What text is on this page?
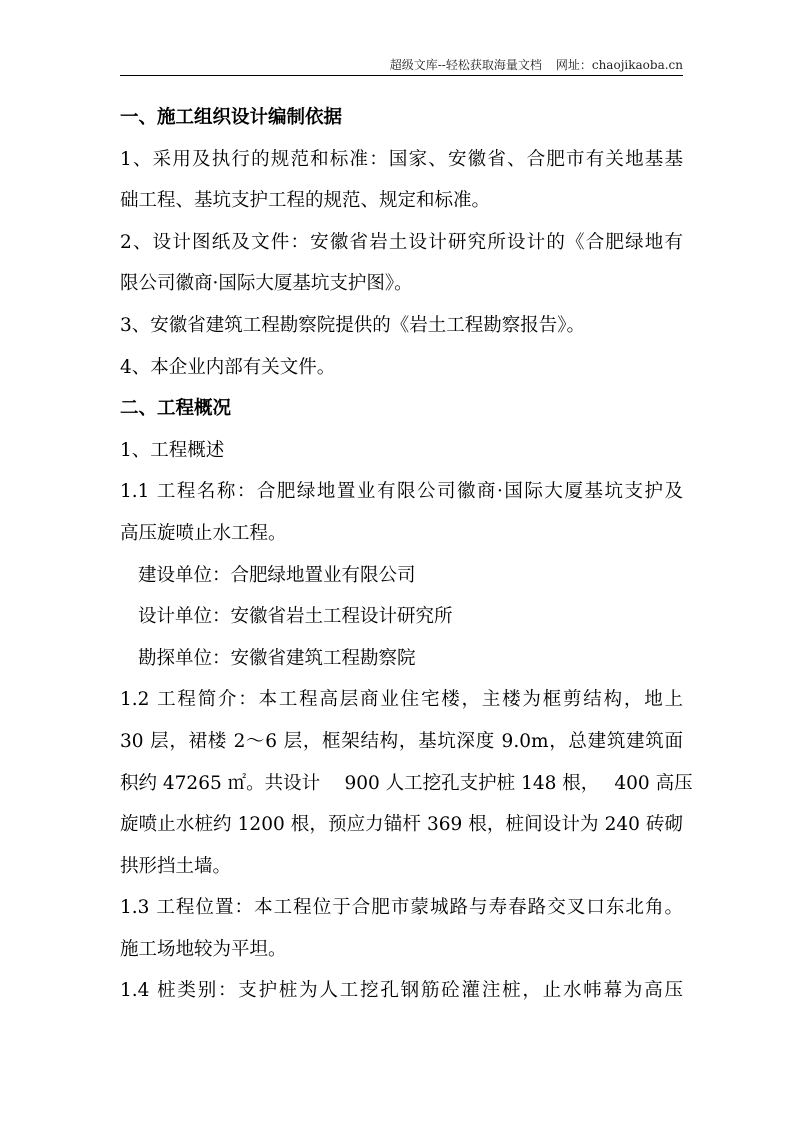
超级文库--轻松获取海量文档 网址：chaojikaoba.cn
一、施工组织设计编制依据
1、采用及执行的规范和标准：国家、安徽省、合肥市有关地基基
础工程、基坑支护工程的规范、规定和标准。
2、设计图纸及文件：安徽省岩土设计研究所设计的《合肥绿地有
限公司徽商·国际大厦基坑支护图》。
3、安徽省建筑工程勘察院提供的《岩土工程勘察报告》。
4、本企业内部有关文件。
二、工程概况
1、工程概述
1.1 工程名称：合肥绿地置业有限公司徽商·国际大厦基坑支护及
高压旋喷止水工程。
建设单位：合肥绿地置业有限公司
设计单位：安徽省岩土工程设计研究所
勘探单位：安徽省建筑工程勘察院
1.2 工程简介：本工程高层商业住宅楼，主楼为框剪结构，地上
30 层，裙楼 2～6 层，框架结构，基坑深度 9.0m，总建筑建筑面
积约 47265 ㎡。共设计　 900 人工挖孔支护桩 148 根，　 400 高压
旋喷止水桩约 1200 根，预应力锚杆 369 根，桩间设计为 240 砖砌
拱形挡土墙。
1.3 工程位置：本工程位于合肥市蒙城路与寿春路交叉口东北角。
施工场地较为平坦。
1.4 桩类别：支护桩为人工挖孔钢筋砼灌注桩，止水帏幕为高压
